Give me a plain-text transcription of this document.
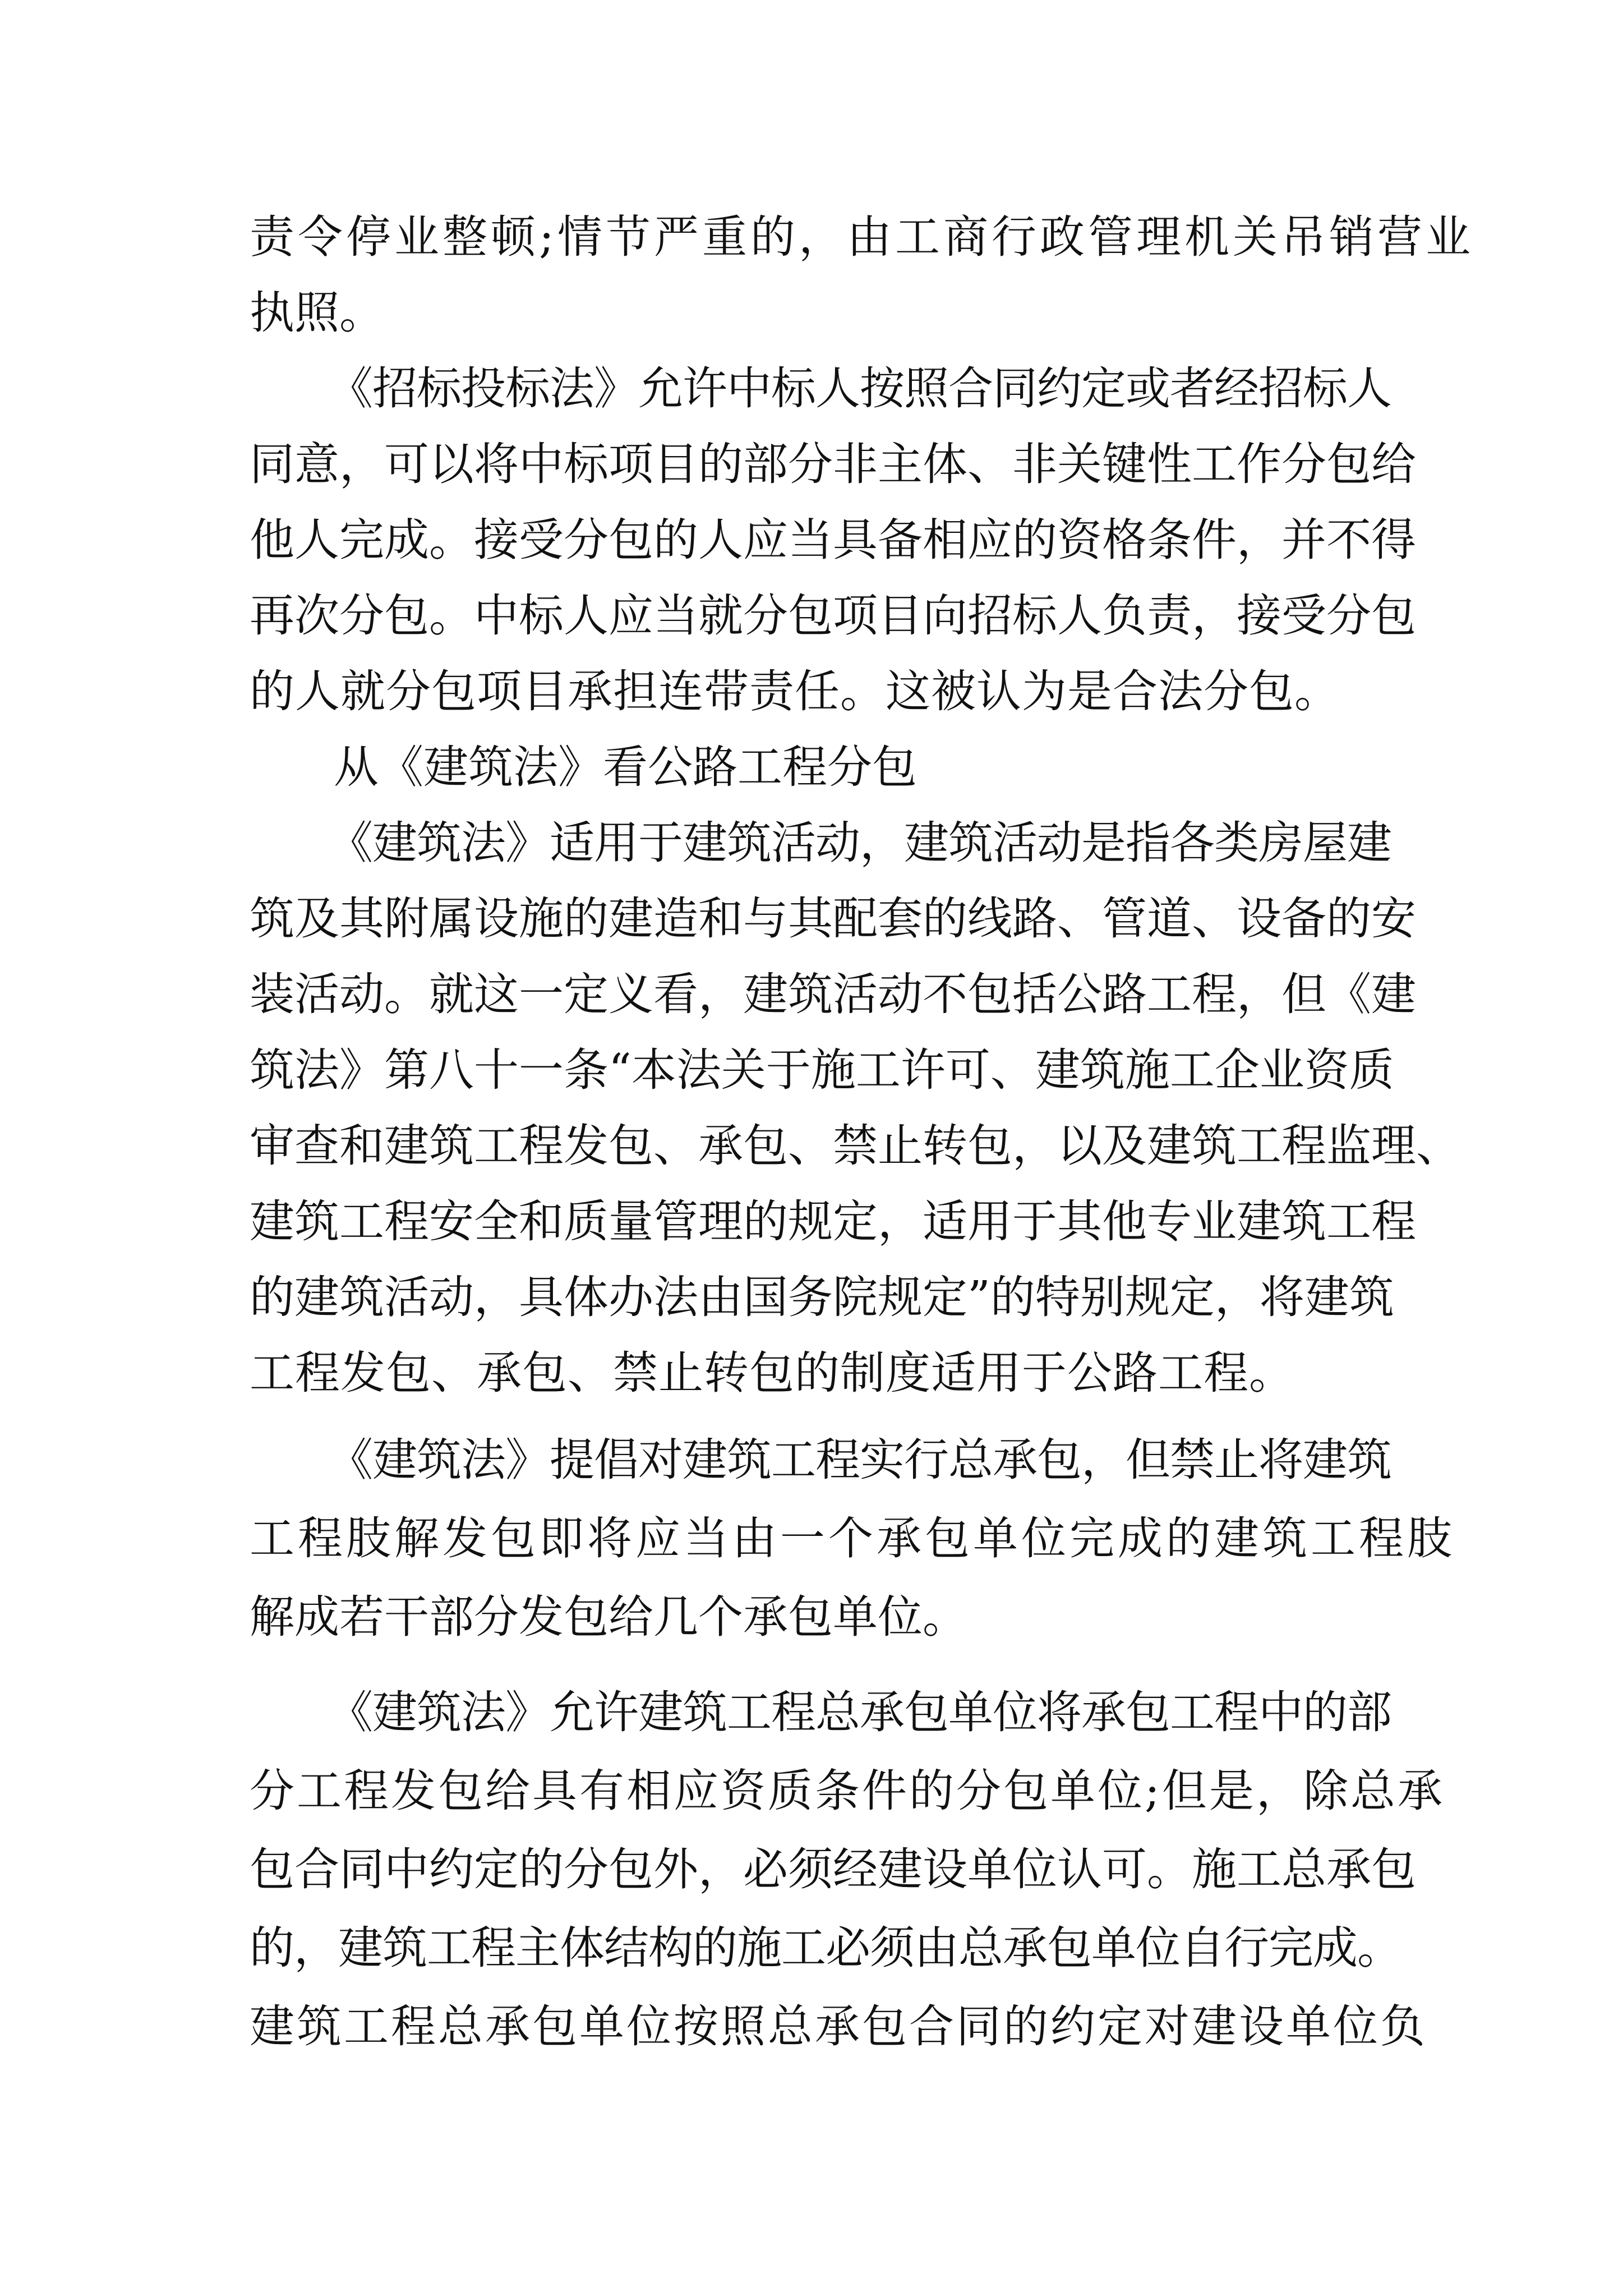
责令停业整顿;情节严重的，由工商行政管理机关吊销营业
执照。
《招标投标法》允许中标人按照合同约定或者经招标人
同意，可以将中标项目的部分非主体、非关键性工作分包给
他人完成。接受分包的人应当具备相应的资格条件，并不得
再次分包。中标人应当就分包项目向招标人负责，接受分包
的人就分包项目承担连带责任。这被认为是合法分包。
从《建筑法》看公路工程分包
《建筑法》适用于建筑活动，建筑活动是指各类房屋建
筑及其附属设施的建造和与其配套的线路、管道、设备的安
装活动。就这一定义看，建筑活动不包括公路工程，但《建
筑法》第八十一条“本法关于施工许可、建筑施工企业资质
审查和建筑工程发包、承包、禁止转包，以及建筑工程监理、
建筑工程安全和质量管理的规定，适用于其他专业建筑工程
的建筑活动，具体办法由国务院规定”的特别规定，将建筑
工程发包、承包、禁止转包的制度适用于公路工程。
《建筑法》提倡对建筑工程实行总承包，但禁止将建筑
工程肢解发包即将应当由一个承包单位完成的建筑工程肢
解成若干部分发包给几个承包单位。
《建筑法》允许建筑工程总承包单位将承包工程中的部
分工程发包给具有相应资质条件的分包单位;但是，除总承
包合同中约定的分包外，必须经建设单位认可。施工总承包
的，建筑工程主体结构的施工必须由总承包单位自行完成。
建筑工程总承包单位按照总承包合同的约定对建设单位负
